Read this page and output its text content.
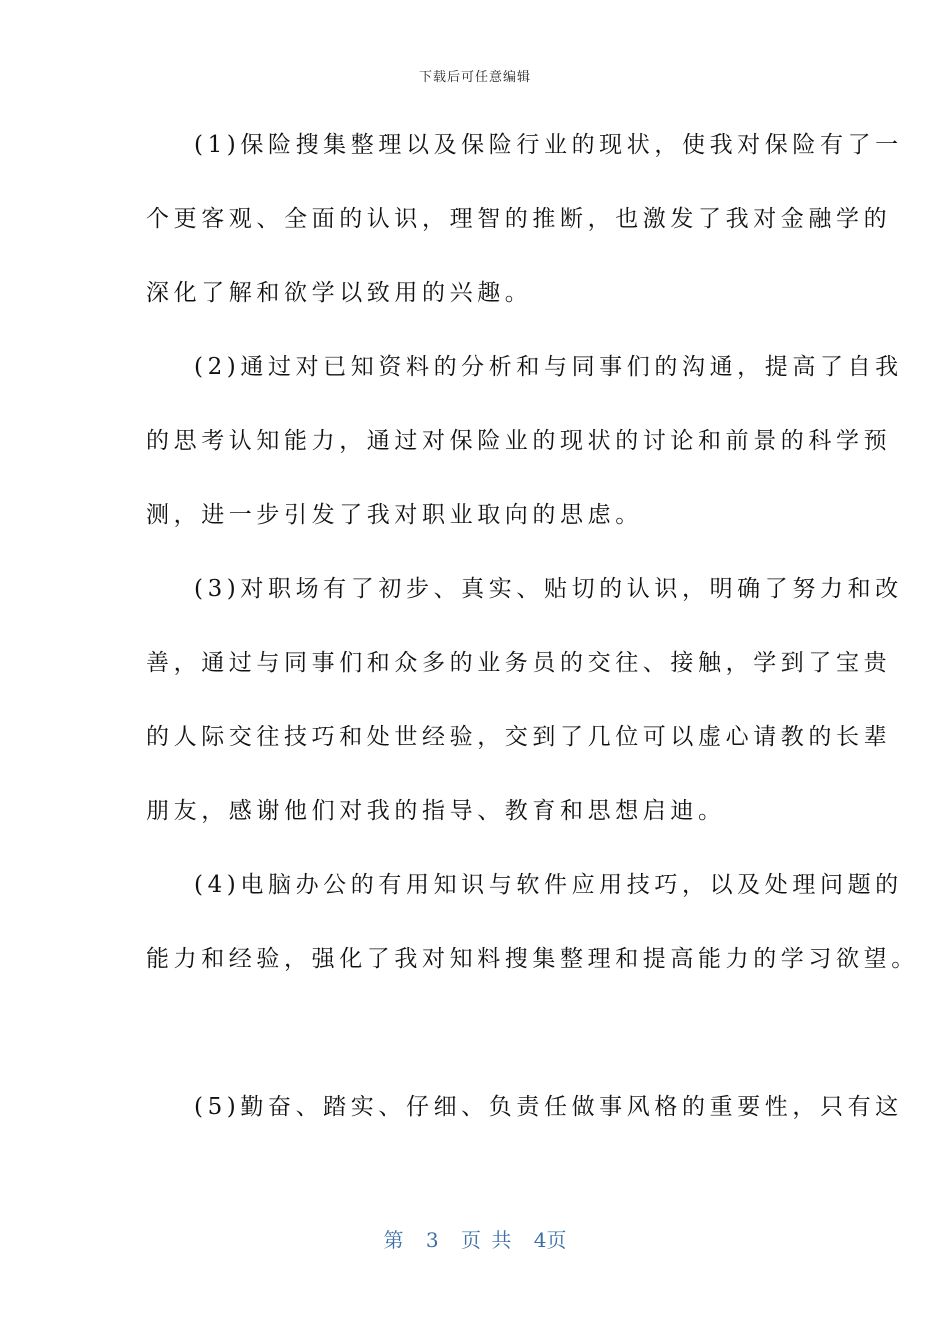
下载后可任意编辑
(1)保险搜集整理以及保险行业的现状，使我对保险有了一
个更客观、全面的认识，理智的推断，也激发了我对金融学的
深化了解和欲学以致用的兴趣。
(2)通过对已知资料的分析和与同事们的沟通，提高了自我
的思考认知能力，通过对保险业的现状的讨论和前景的科学预
测，进一步引发了我对职业取向的思虑。
(3)对职场有了初步、真实、贴切的认识，明确了努力和改
善，通过与同事们和众多的业务员的交往、接触，学到了宝贵
的人际交往技巧和处世经验，交到了几位可以虚心请教的长辈
朋友，感谢他们对我的指导、教育和思想启迪。
(4)电脑办公的有用知识与软件应用技巧，以及处理问题的
能力和经验，强化了我对知料搜集整理和提高能力的学习欲望。
(5)勤奋、踏实、仔细、负责任做事风格的重要性，只有这
第 3 页 共 4页
